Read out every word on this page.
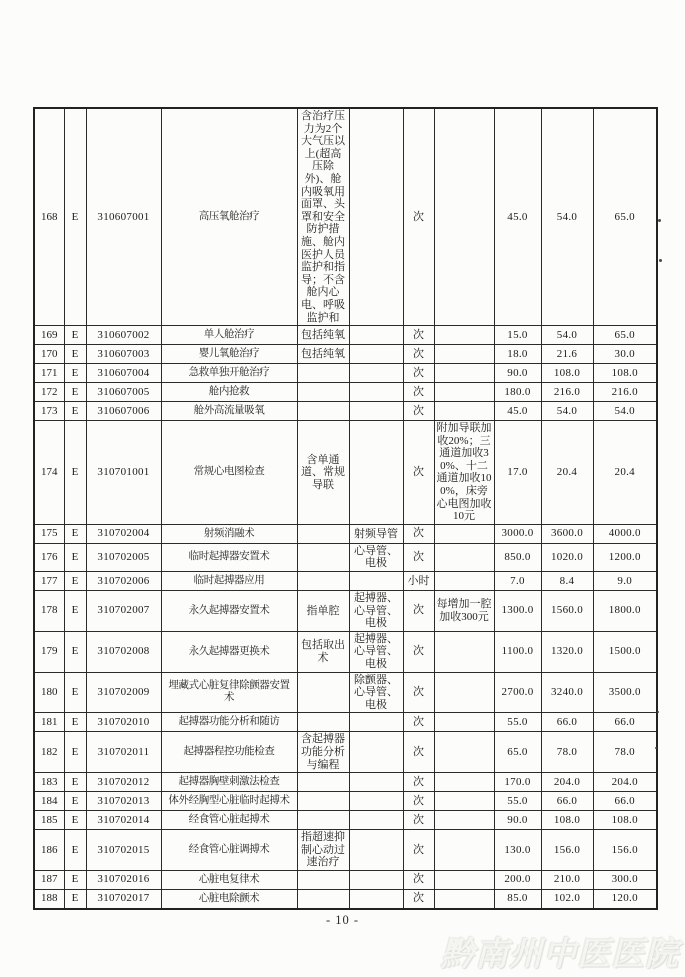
168	E	310607001	高压氧舱治疗	含治疗压力为2个大气压以上(超高压除外)、舱内吸氧用面罩、头罩和安全防护措施、舱内医护人员监护和指导；不含舱内心电、呼吸监护和		次		45.0	54.0	65.0
169	E	310607002	单人舱治疗	包括纯氧		次		15.0	54.0	65.0
170	E	310607003	婴儿氧舱治疗	包括纯氧		次		18.0	21.6	30.0
171	E	310607004	急救单独开舱治疗			次		90.0	108.0	108.0
172	E	310607005	舱内抢救			次		180.0	216.0	216.0
173	E	310607006	舱外高流量吸氧			次		45.0	54.0	54.0
174	E	310701001	常规心电图检查	含单通道、常规导联		次	附加导联加收20%；三通道加收30%、十二通道加收100%，床旁心电图加收10元	17.0	20.4	20.4
175	E	310702004	射频消融术		射频导管	次		3000.0	3600.0	4000.0
176	E	310702005	临时起搏器安置术		心导管、电极	次		850.0	1020.0	1200.0
177	E	310702006	临时起搏器应用			小时		7.0	8.4	9.0
178	E	310702007	永久起搏器安置术	指单腔	起搏器、心导管、电极	次	每增加一腔加收300元	1300.0	1560.0	1800.0
179	E	310702008	永久起搏器更换术	包括取出术	起搏器、心导管、电极	次		1100.0	1320.0	1500.0
180	E	310702009	埋藏式心脏复律除颤器安置术		除颤器、心导管、电极	次		2700.0	3240.0	3500.0
181	E	310702010	起搏器功能分析和随访			次		55.0	66.0	66.0
182	E	310702011	起搏器程控功能检查	含起搏器功能分析与编程		次		65.0	78.0	78.0
183	E	310702012	起搏器胸壁刺激法检查			次		170.0	204.0	204.0
184	E	310702013	体外经胸型心脏临时起搏术			次		55.0	66.0	66.0
185	E	310702014	经食管心脏起搏术			次		90.0	108.0	108.0
186	E	310702015	经食管心脏调搏术	指超速抑制心动过速治疗		次		130.0	156.0	156.0
187	E	310702016	心脏电复律术			次		200.0	210.0	300.0
188	E	310702017	心脏电除颤术			次		85.0	102.0	120.0
- 10 -
黔南州中医医院
